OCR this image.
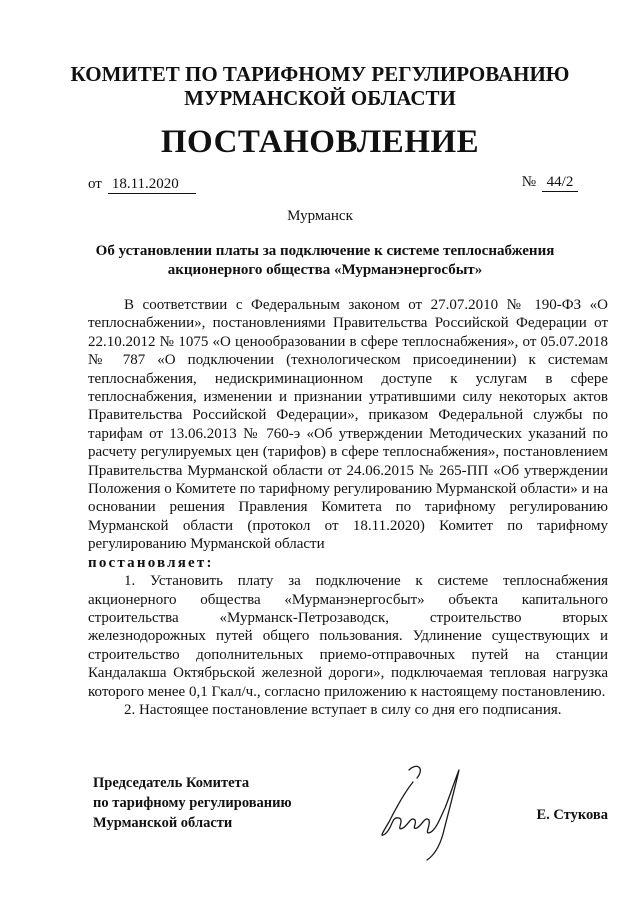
КОМИТЕТ ПО ТАРИФНОМУ РЕГУЛИРОВАНИЮ
МУРМАНСКОЙ ОБЛАСТИ
ПОСТАНОВЛЕНИЕ
от 18.11.2020	№ 44/2
Мурманск
Об установлении платы за подключение к системе теплоснабжения
акционерного общества «Мурманэнергосбыт»

В соответствии с Федеральным законом от 27.07.2010 № 190-ФЗ «О теплоснабжении», постановлениями Правительства Российской Федерации от 22.10.2012 № 1075 «О ценообразовании в сфере теплоснабжения», от 05.07.2018 № 787 «О подключении (технологическом присоединении) к системам теплоснабжения, недискриминационном доступе к услугам в сфере теплоснабжения, изменении и признании утратившими силу некоторых актов Правительства Российской Федерации», приказом Федеральной службы по тарифам от 13.06.2013 № 760-э «Об утверждении Методических указаний по расчету регулируемых цен (тарифов) в сфере теплоснабжения», постановлением Правительства Мурманской области от 24.06.2015 № 265-ПП «Об утверждении Положения о Комитете по тарифному регулированию Мурманской области» и на основании решения Правления Комитета по тарифному регулированию Мурманской области (протокол от 18.11.2020) Комитет по тарифному регулированию Мурманской области

постановляет:

1. Установить плату за подключение к системе теплоснабжения акционерного общества «Мурманэнергосбыт» объекта капитального строительства «Мурманск-Петрозаводск, строительство вторых железнодорожных путей общего пользования. Удлинение существующих и строительство дополнительных приемо-отправочных путей на станции Кандалакша Октябрьской железной дороги», подключаемая тепловая нагрузка которого менее 0,1 Гкал/ч., согласно приложению к настоящему постановлению.

2. Настоящее постановление вступает в силу со дня его подписания.

Председатель Комитета
по тарифному регулированию
Мурманской области	Е. Стукова
